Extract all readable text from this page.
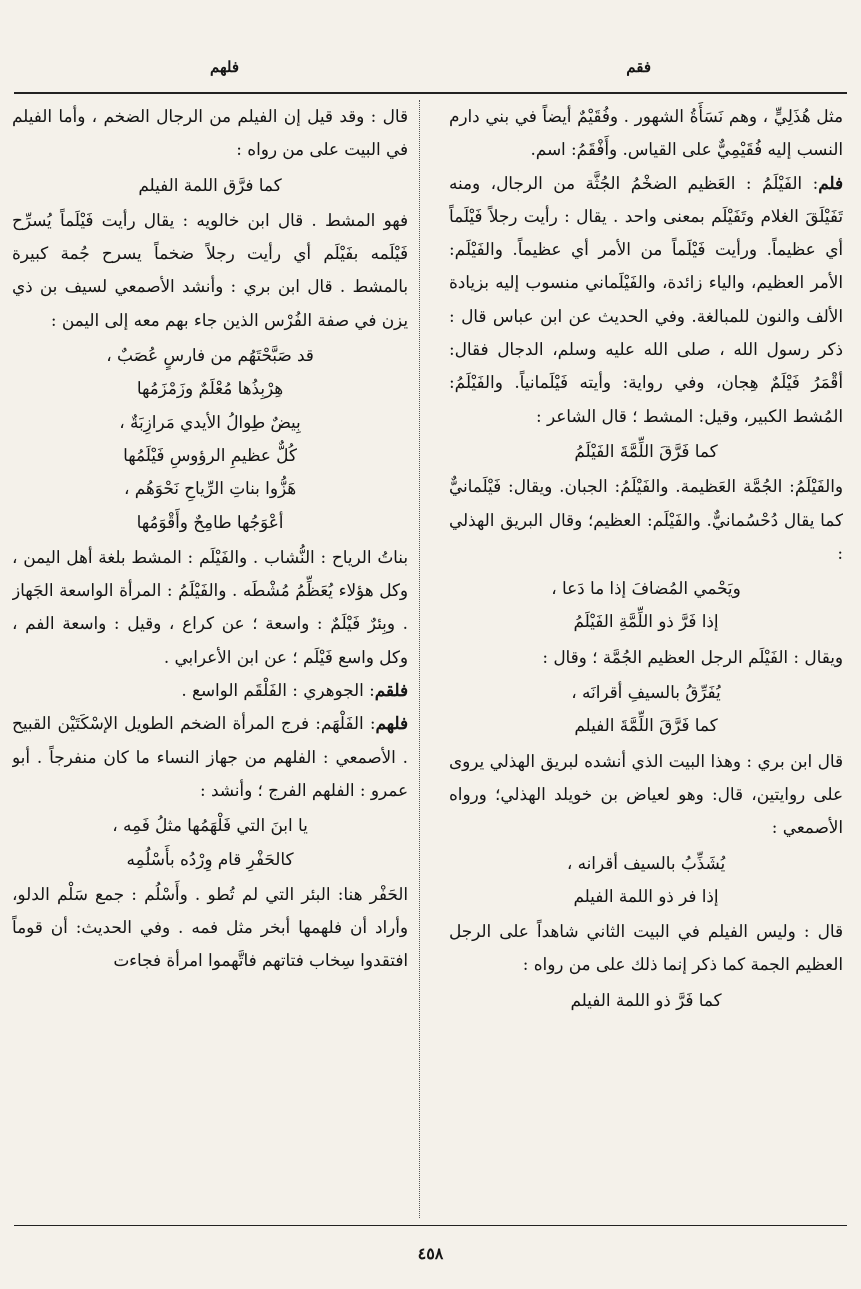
فقم
فلهم

مثل هُذَلِيٍّ ، وهم نَسَأَةُ الشهور . وفُقَيْمٌ أيضاً في بني دارم النسب إليه فُقَيْمِيٌّ على القياس. وأَفْقَمُ: اسم.

فلم: الفَيْلَمُ : العَظيم الضخْمُ الجُثَّة من الرجال، ومنه تَفَيْلَقَ الغلام وتَفَيْلَم بمعنى واحد . يقال : رأيت رجلاً فَيْلَماً أي عظيماً. ورأيت فَيْلَماً من الأمر أي عظيماً. والفَيْلَم: الأمر العظيم، والياء زائدة، والفَيْلَماني منسوب إليه بزيادة الألف والنون للمبالغة. وفي الحديث عن ابن عباس قال : ذكر رسول الله ، صلى الله عليه وسلم، الدجال فقال: أقْمَرُ فَيْلَمٌ هِجان، وفي رواية: وأيته فَيْلَمانياً. والفَيْلَمُ: المُشط الكبير، وقيل: المشط ؛ قال الشاعر :

كما فَرَّقَ اللِّمَّةَ الفَيْلَمُ

والفَيْلَمُ: الجُمَّة العَظيمة. والفَيْلَمُ: الجبان. ويقال: فَيْلَمانيٌّ كما يقال دُحْسُمانيٌّ. والفَيْلَم: العظيم؛ وقال البريق الهذلي :

ويَحْمي المُضافَ إذا ما دَعا ،
إذا فَرَّ ذو اللِّمَّةِ الفَيْلَمُ

ويقال : الفَيْلَم الرجل العظيم الجُمَّة ؛ وقال :

يُفَرِّقُ بالسيفِ أقرانَه ،
كما فَرَّقَ اللِّمَّةَ الفيلم

قال ابن بري : وهذا البيت الذي أنشده لبريق الهذلي يروى على روايتين، قال: وهو لعياض بن خويلد الهذلي؛ ورواه الأصمعي :

يُشَذِّبُ بالسيف أقرانه ،
إذا فر ذو اللمة الفيلم

قال : وليس الفيلم في البيت الثاني شاهداً على الرجل العظيم الجمة كما ذكر إنما ذلك على من رواه :

كما فَرَّ ذو اللمة الفيلم

قال : وقد قيل إن الفيلم من الرجال الضخم ، وأما الفيلم في البيت على من رواه :

كما فرَّق اللمة الفيلم

فهو المشط . قال ابن خالويه : يقال رأيت فَيْلَماً يُسرِّح فَيْلَمه بفَيْلَم أي رأيت رجلاً ضخماً يسرح جُمة كبيرة بالمشط . قال ابن بري : وأنشد الأصمعي لسيف بن ذي يزن في صفة الفُرْس الذين جاء بهم معه إلى اليمن :

قد صَبَّحْتَهُم من فارسٍ عُصَبٌ ،
هِرْبِذُها مُعْلَمٌ وزَمْزَمُها
بِيضٌ طِوالُ الأيدي مَرازِبَةٌ ،
كُلٌّ عظيمِ الرؤوسِ فَيْلَمُها
هَزُّوا بناتِ الرِّياحِ نَحْوَهُم ،
أعْوَجُها طامِحٌ وأَقْوَمُها

بناتُ الرياح : النُّشاب . والفَيْلَم : المشط بلغة أهل اليمن ، وكل هؤلاء يُعَظِّمُ مُشْطَه . والفَيْلَمُ : المرأة الواسعة الجَهاز . وبِئرٌ فَيْلَمٌ : واسعة ؛ عن كراع ، وقيل : واسعة الفم ، وكل واسع فَيْلَم ؛ عن ابن الأعرابي .

فلقم: الجوهري : الفَلْقَم الواسع .

فلهم: الفَلْهَم: فرج المرأة الضخم الطويل الإسْكَتَيْن القبيح . الأصمعي : الفلهم من جهاز النساء ما كان منفرجاً . أبو عمرو : الفلهم الفرج ؛ وأنشد :

يا ابنَ التي فَلْهَمُها مثلُ فَمِه ،
كالحَفْرِ قام وِرْدُه بأَسْلُمِه

الحَفْر هنا: البئر التي لم تُطو . وأَسْلُم : جمع سَلْم الدلو، وأراد أن فلهمها أبخر مثل فمه . وفي الحديث: أن قوماً افتقدوا سِخاب فتاتهم فاتَّهموا امرأة فجاءت

٤٥٨
